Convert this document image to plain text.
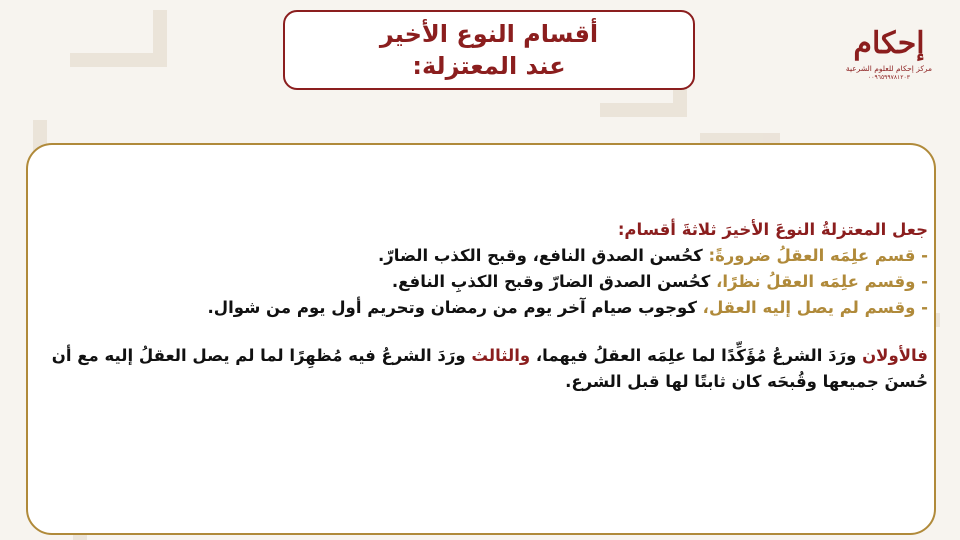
أقسام النوع الأخير
عند المعتزلة:
إحكام
مركز إحكام للعلوم الشرعية
٠٠٩٦٥٩٩٧٨١٢٠٣

جعل المعتزلةُ النوعَ الأخيرَ ثلاثةَ أقسام:

- قسم علِمَه العقلُ ضرورةً: كحُسن الصدق النافع، وقبح الكذب الضارّ.

- وقسم علِمَه العقلُ نظرًا، كحُسن الصدق الضارّ وقبح الكذبِ النافع.

- وقسم لم يصل إليه العقل، كوجوب صيام آخر يوم من رمضان وتحريم أول يوم من شوال.

فالأولان ورَدَ الشرعُ مُؤَكِّدًا لما علِمَه العقلُ فيهما، والثالث ورَدَ الشرعُ فيه مُظهِرًا لما لم يصل العقلُ إليه مع أن حُسنَ جميعها وقُبحَه كان ثابتًا لها قبل الشرع.
